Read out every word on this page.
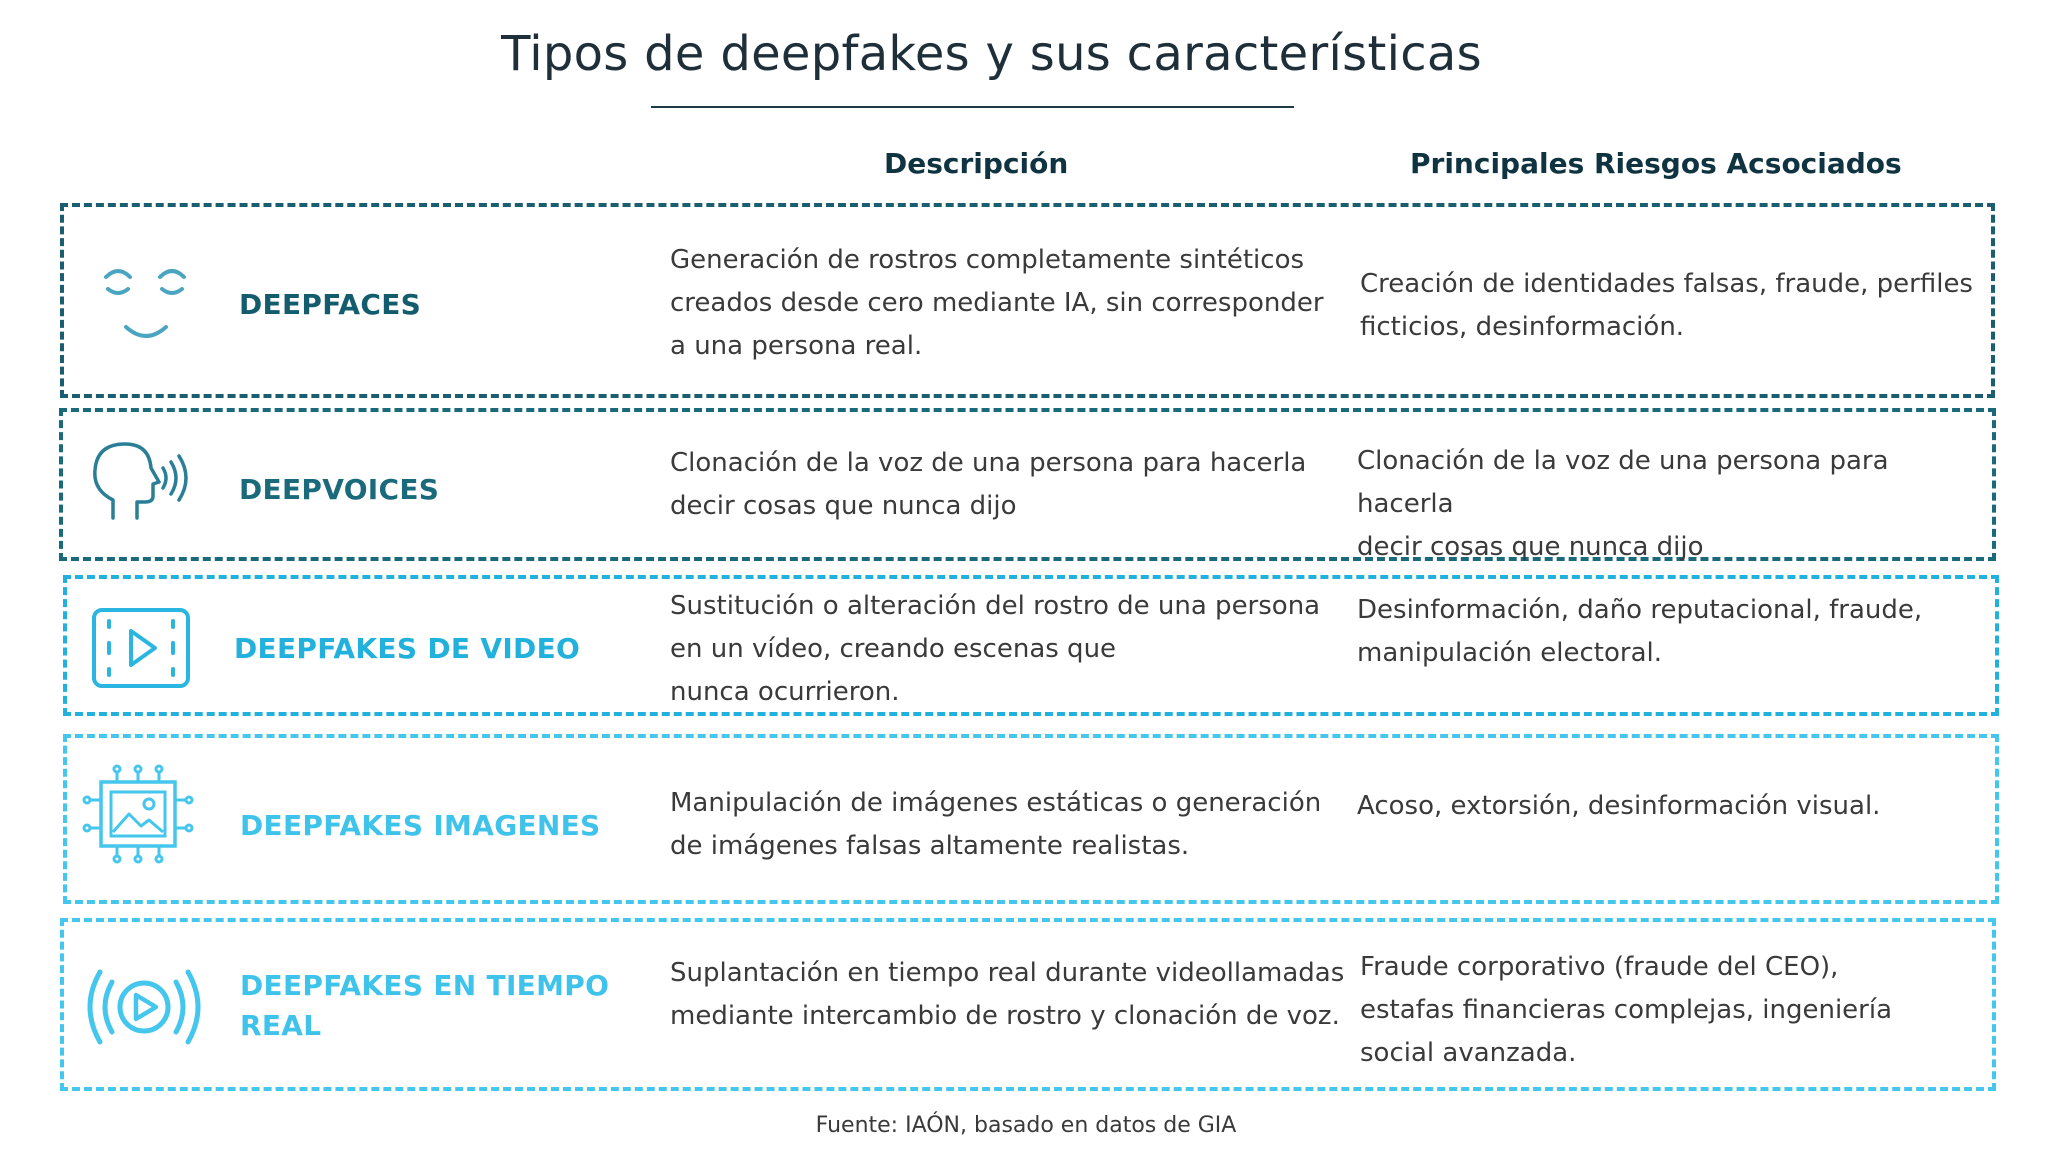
Tipos de deepfakes y sus características
Descripción	Principales Riesgos Acsociados
DEEPFACES
Generación de rostros completamente sintéticos
creados desde cero mediante IA, sin corresponder
a una persona real.
Creación de identidades falsas, fraude, perfiles
ficticios, desinformación.
DEEPVOICES
Clonación de la voz de una persona para hacerla
decir cosas que nunca dijo
Clonación de la voz de una persona para hacerla
decir cosas que nunca dijo
DEEPFAKES DE VIDEO
Sustitución o alteración del rostro de una persona
en un vídeo, creando escenas que
nunca ocurrieron.
Desinformación, daño reputacional, fraude,
manipulación electoral.
DEEPFAKES IMAGENES
Manipulación de imágenes estáticas o generación
de imágenes falsas altamente realistas.
Acoso, extorsión, desinformación visual.
DEEPFAKES EN TIEMPO
REAL
Suplantación en tiempo real durante videollamadas
mediante intercambio de rostro y clonación de voz.
Fraude corporativo (fraude del CEO),
estafas financieras complejas, ingeniería
social avanzada.
Fuente: IAÓN, basado en datos de GIA
